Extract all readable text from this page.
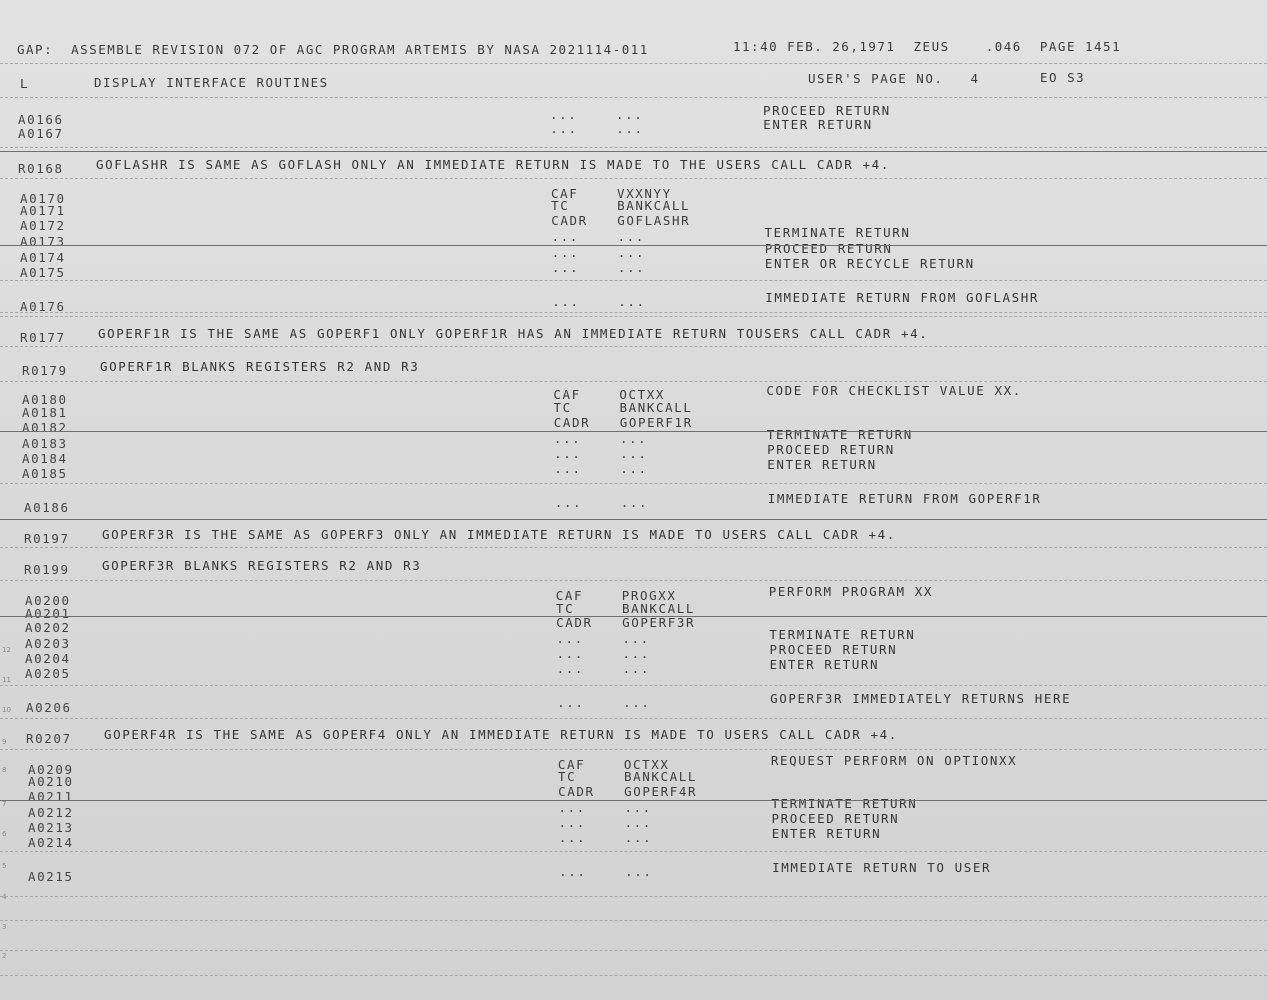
GAP:  ASSEMBLE REVISION 072 OF AGC PROGRAM ARTEMIS BY NASA 2021114-011	11:40 FEB. 26,1971  ZEUS    .046  PAGE 1451
L	DISPLAY INTERFACE ROUTINES	USER'S PAGE NO.   4	EO S3
A0166	...	...	PROCEED RETURN
A0167	...	...	ENTER RETURN
R0168	GOFLASHR IS SAME AS GOFLASH ONLY AN IMMEDIATE RETURN IS MADE TO THE USERS CALL CADR +4.
A0170	CAF	VXXNYY
A0171	TC	BANKCALL
A0172	CADR GOFLASHR
A0173	...	...	TERMINATE RETURN
A0174	...	...	PROCEED RETURN
A0175	...	...	ENTER OR RECYCLE RETURN
A0176	...	...	IMMEDIATE RETURN FROM GOFLASHR
R0177	GOPERF1R IS THE SAME AS GOPERF1 ONLY GOPERF1R HAS AN IMMEDIATE RETURN TOUSERS CALL CADR +4.
R0179	GOPERF1R BLANKS REGISTERS R2 AND R3
A0180	CAF	OCTXX	CODE FOR CHECKLIST VALUE XX.
A0181	TC	BANKCALL
A0182	CADR GOPERF1R
A0183	...	...	TERMINATE RETURN
A0184	...	...	PROCEED RETURN
A0185	...	...	ENTER RETURN
A0186	...	...	IMMEDIATE RETURN FROM GOPERF1R
R0197	GOPERF3R IS THE SAME AS GOPERF3 ONLY AN IMMEDIATE RETURN IS MADE TO USERS CALL CADR +4.
R0199	GOPERF3R BLANKS REGISTERS R2 AND R3
A0200	CAF	PROGXX	PERFORM PROGRAM XX
A0201	TC	BANKCALL
A0202	CADR GOPERF3R
A0203	...	...	TERMINATE RETURN
A0204	...	...	PROCEED RETURN
A0205	...	...	ENTER RETURN
A0206	...	...	GOPERF3R IMMEDIATELY RETURNS HERE
R0207	GOPERF4R IS THE SAME AS GOPERF4 ONLY AN IMMEDIATE RETURN IS MADE TO USERS CALL CADR +4.
A0209	CAF	OCTXX	REQUEST PERFORM ON OPTIONXX
A0210	TC	BANKCALL
A0211	CADR GOPERF4R
A0212	...	...	TERMINATE RETURN
A0213	...	...	PROCEED RETURN
A0214	...	...	ENTER RETURN
A0215	...	...	IMMEDIATE RETURN TO USER
12
11
10
9
8
7
6
5
4
3
2
